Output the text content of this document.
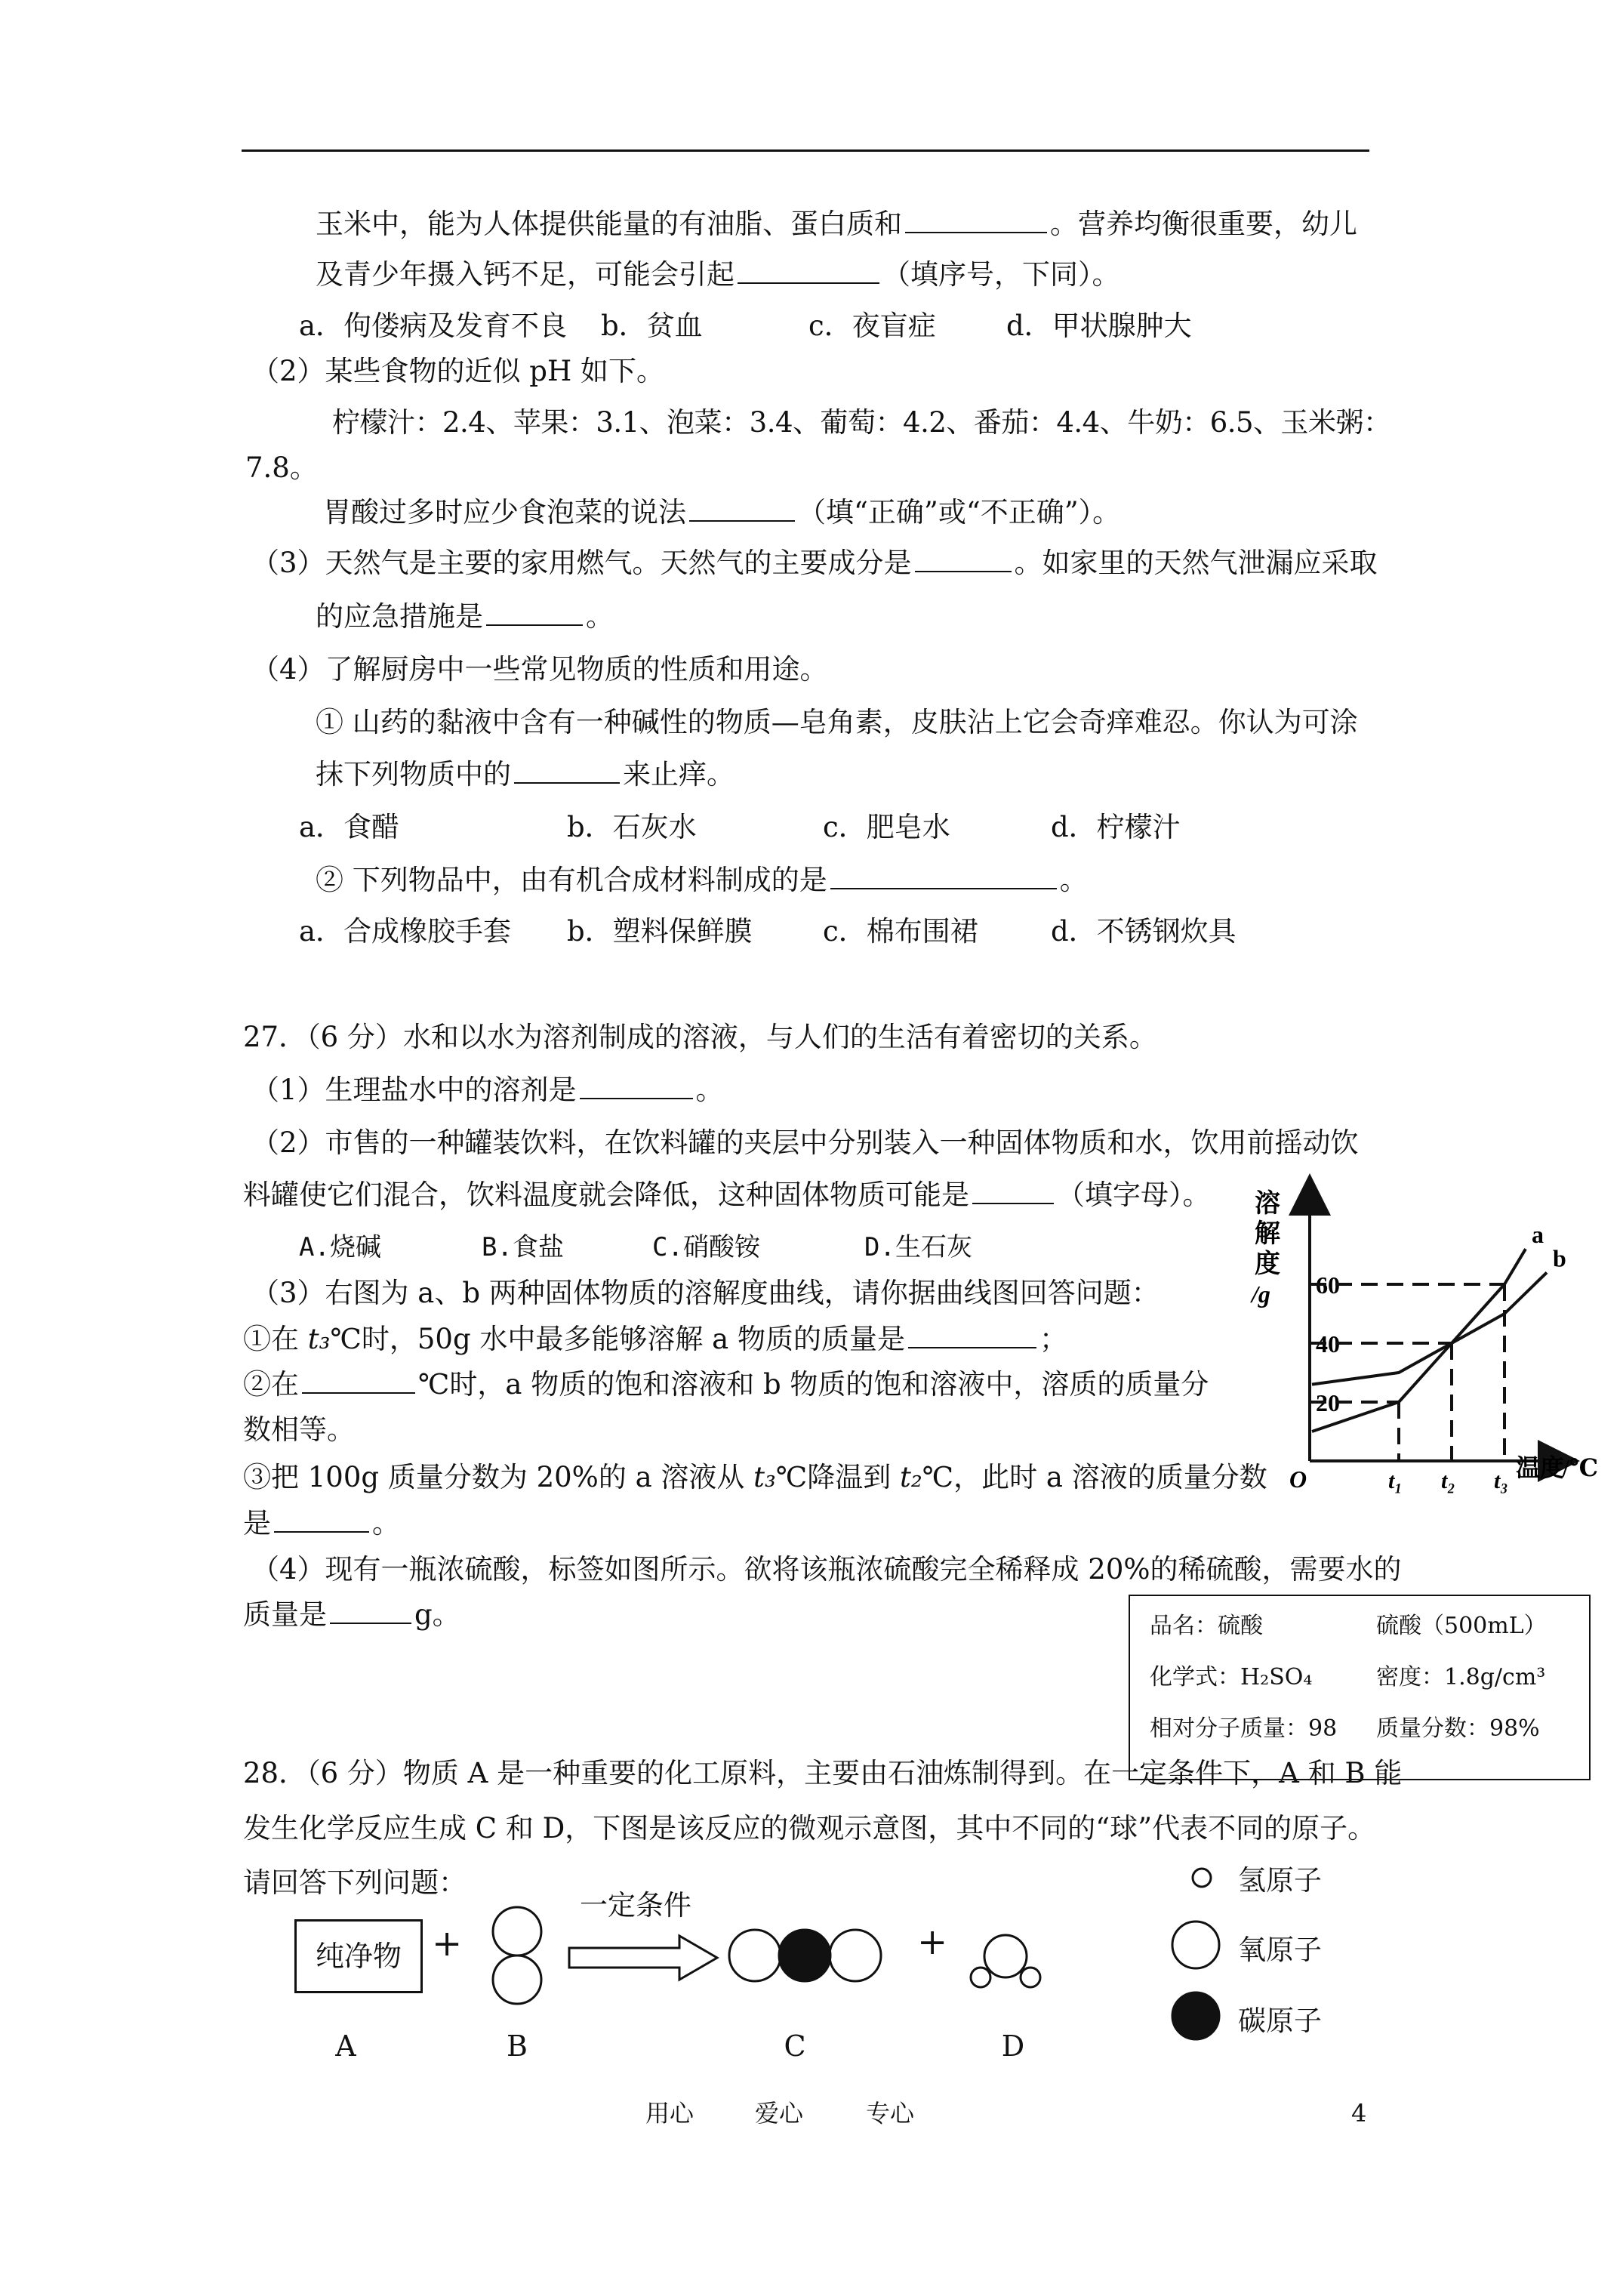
玉米中，能为人体提供能量的有油脂、蛋白质和	。营养均衡很重要，幼儿
及青少年摄入钙不足，可能会引起	（填序号，下同）。
a．佝偻病及发育不良 b．贫血	c．夜盲症	d．甲状腺肿大
（2）某些食物的近似 pH 如下。
柠檬汁：2.4、苹果：3.1、泡菜：3.4、葡萄：4.2、番茄：4.4、牛奶：6.5、玉米粥：
7.8。
胃酸过多时应少食泡菜的说法	（填“正确”或“不正确”）。
（3）天然气是主要的家用燃气。天然气的主要成分是	。如家里的天然气泄漏应采取
的应急措施是	。
（4）了解厨房中一些常见物质的性质和用途。
① 山药的黏液中含有一种碱性的物质—皂角素，皮肤沾上它会奇痒难忍。你认为可涂
抹下列物质中的	来止痒。
a．食醋	b．石灰水	c．肥皂水	d．柠檬汁
② 下列物品中，由有机合成材料制成的是	。
a．合成橡胶手套 b．塑料保鲜膜	c．棉布围裙	d．不锈钢炊具
27．（6 分）水和以水为溶剂制成的溶液，与人们的生活有着密切的关系。
（1）生理盐水中的溶剂是	。
（2）市售的一种罐装饮料，在饮料罐的夹层中分别装入一种固体物质和水，饮用前摇动饮
料罐使它们混合，饮料温度就会降低，这种固体物质可能是	（填字母）。
A.烧碱	B.食盐	C.硝酸铵	D.生石灰
（3）右图为 a、b 两种固体物质的溶解度曲线，请你据曲线图回答问题：
①在 t₃℃时，50g 水中最多能够溶解 a 物质的质量是	；
②在	℃时，a 物质的饱和溶液和 b 物质的饱和溶液中，溶质的质量分
数相等。
③把 100g 质量分数为 20%的 a 溶液从 t₃℃降温到 t₂℃，此时 a 溶液的质量分数
是	。
（4）现有一瓶浓硫酸，标签如图所示。欲将该瓶浓硫酸完全稀释成 20%的稀硫酸，需要水的
质量是	g。
溶
解
度
/g
O
20
40
60
t₁ t₂ t₃
a
b
温度
/℃
品名：硫酸	硫酸（500mL）
化学式：H₂SO₄	密度：1.8g/cm³
相对分子质量：98 质量分数：98%
28．（6 分）物质 A 是一种重要的化工原料，主要由石油炼制得到。在一定条件下，A 和 B 能
发生化学反应生成 C 和 D，下图是该反应的微观示意图，其中不同的“球”代表不同的原子。
请回答下列问题：
纯净物 +
一定条件
+
A	B	C	D
氢原子
氧原子
碳原子
用心	爱心	专心	4
